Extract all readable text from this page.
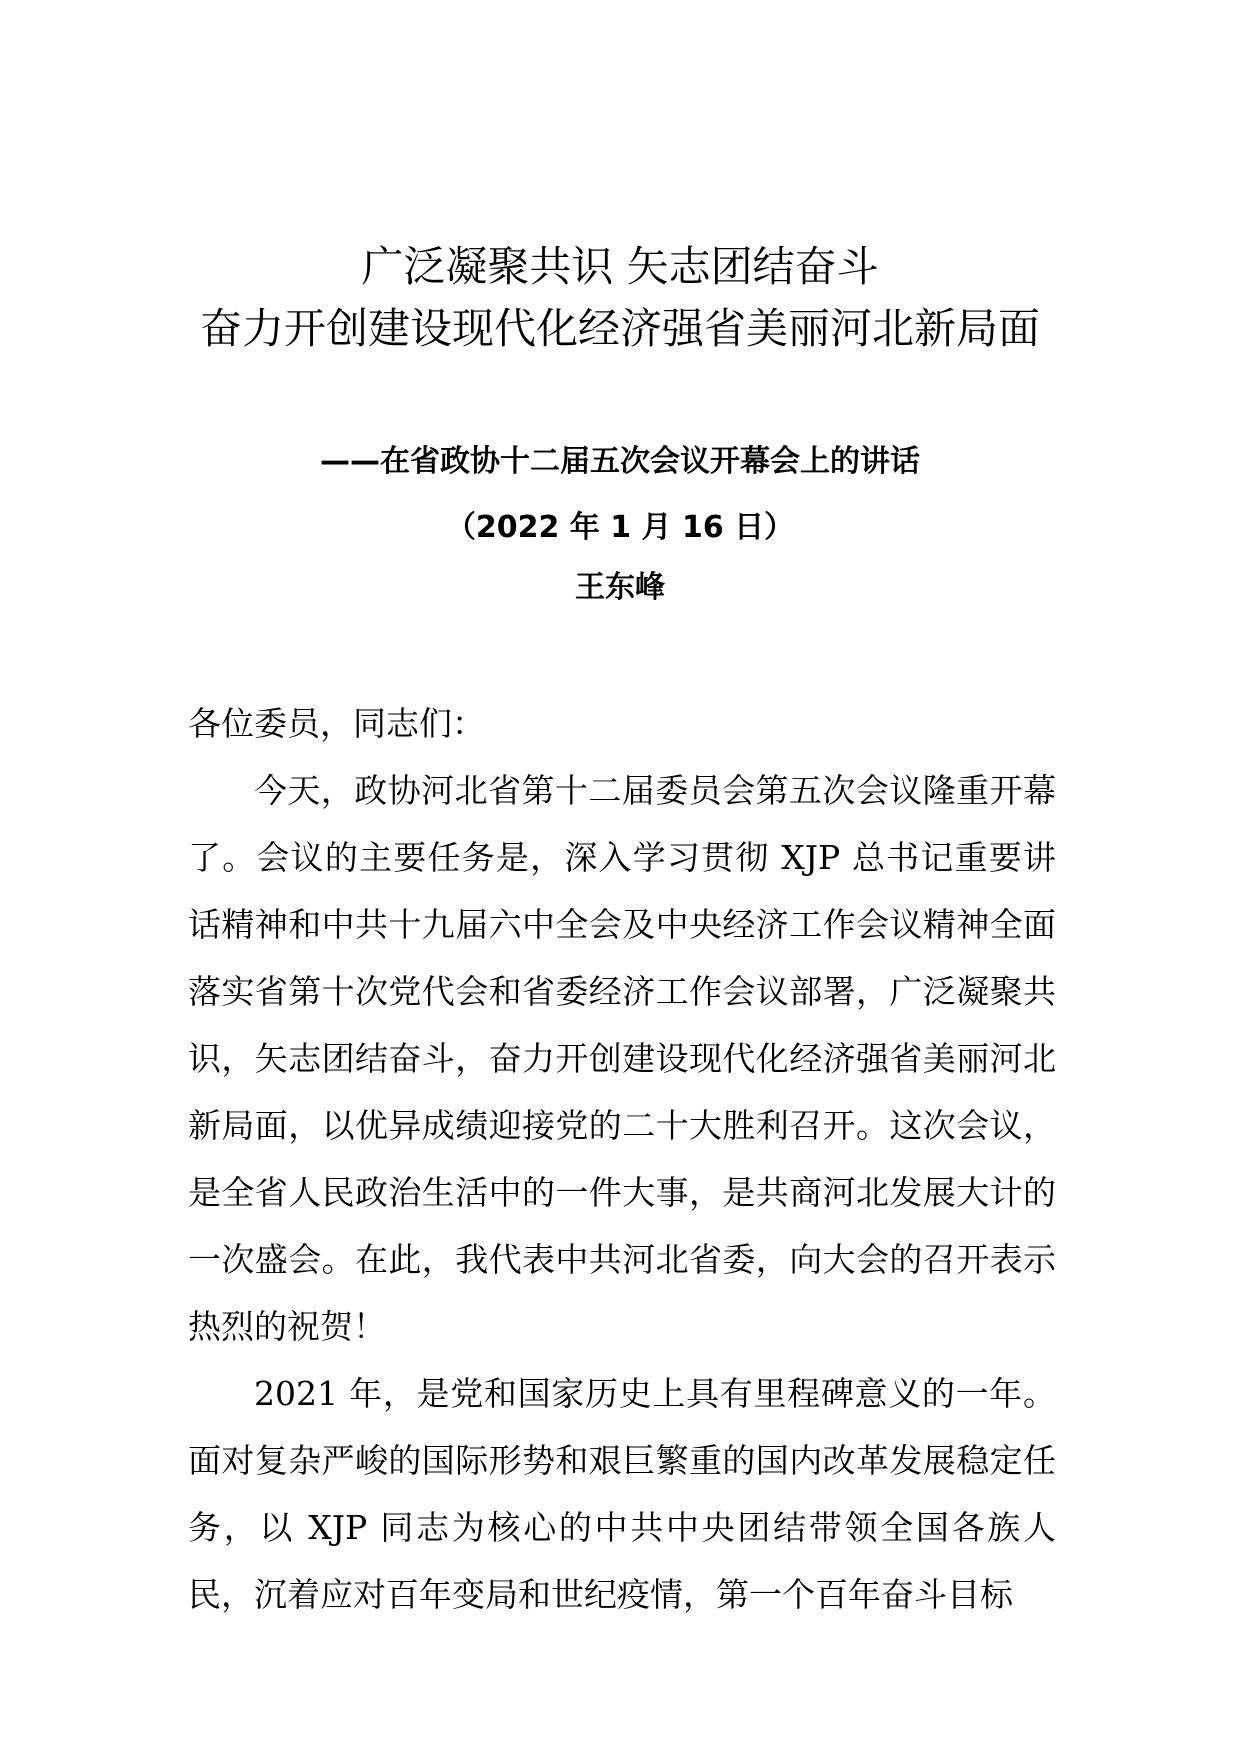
广泛凝聚共识 矢志团结奋斗
奋力开创建设现代化经济强省美丽河北新局面
——在省政协十二届五次会议开幕会上的讲话
（2022 年 1 月 16 日）
王东峰

各位委员，同志们：

今天，政协河北省第十二届委员会第五次会议隆重开幕了。会议的主要任务是，深入学习贯彻 XJP 总书记重要讲话精神和中共十九届六中全会及中央经济工作会议精神全面落实省第十次党代会和省委经济工作会议部署，广泛凝聚共识，矢志团结奋斗，奋力开创建设现代化经济强省美丽河北新局面，以优异成绩迎接党的二十大胜利召开。这次会议，是全省人民政治生活中的一件大事，是共商河北发展大计的一次盛会。在此，我代表中共河北省委，向大会的召开表示热烈的祝贺！

2021 年，是党和国家历史上具有里程碑意义的一年。面对复杂严峻的国际形势和艰巨繁重的国内改革发展稳定任务，以 XJP 同志为核心的中共中央团结带领全国各族人民，沉着应对百年变局和世纪疫情，第一个百年奋斗目标
